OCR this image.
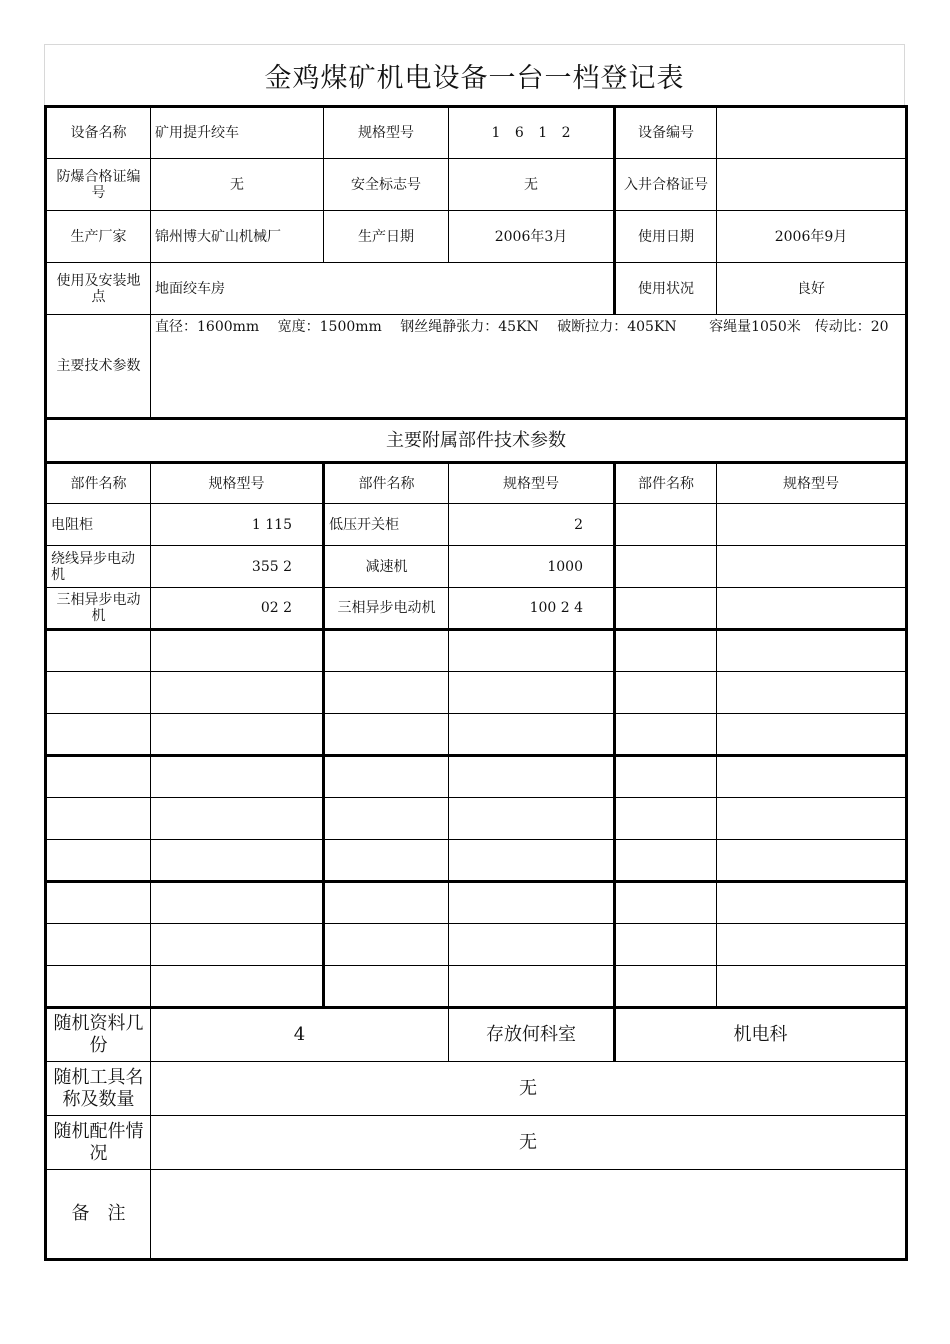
金鸡煤矿机电设备一台一档登记表
设备名称	矿用提升绞车	规格型号	1 6 1 2	设备编号	
防爆合格证编号	无	安全标志号	无	入井合格证号	
生产厂家	锦州博大矿山机械厂	生产日期	2006年3月	使用日期	2006年9月
使用及安装地点	地面绞车房			使用状况	良好
主要技术参数	直径：1600mm　 宽度：1500mm　 钢丝绳静张力：45KN　 破断拉力：405KN　　 容绳量1050米　传动比：20				
主要附属部件技术参数					
部件名称	规格型号	部件名称	规格型号	部件名称	规格型号
电阻柜	1 115	低压开关柜	2		
绕线异步电动机	355 2	减速机	1000		
三相异步电动机	02 2	三相异步电动机	100 2 4		

随机资料几份	4		存放何科室	机电科	
随机工具名称及数量	无				
随机配件情况	无				
备　注					
